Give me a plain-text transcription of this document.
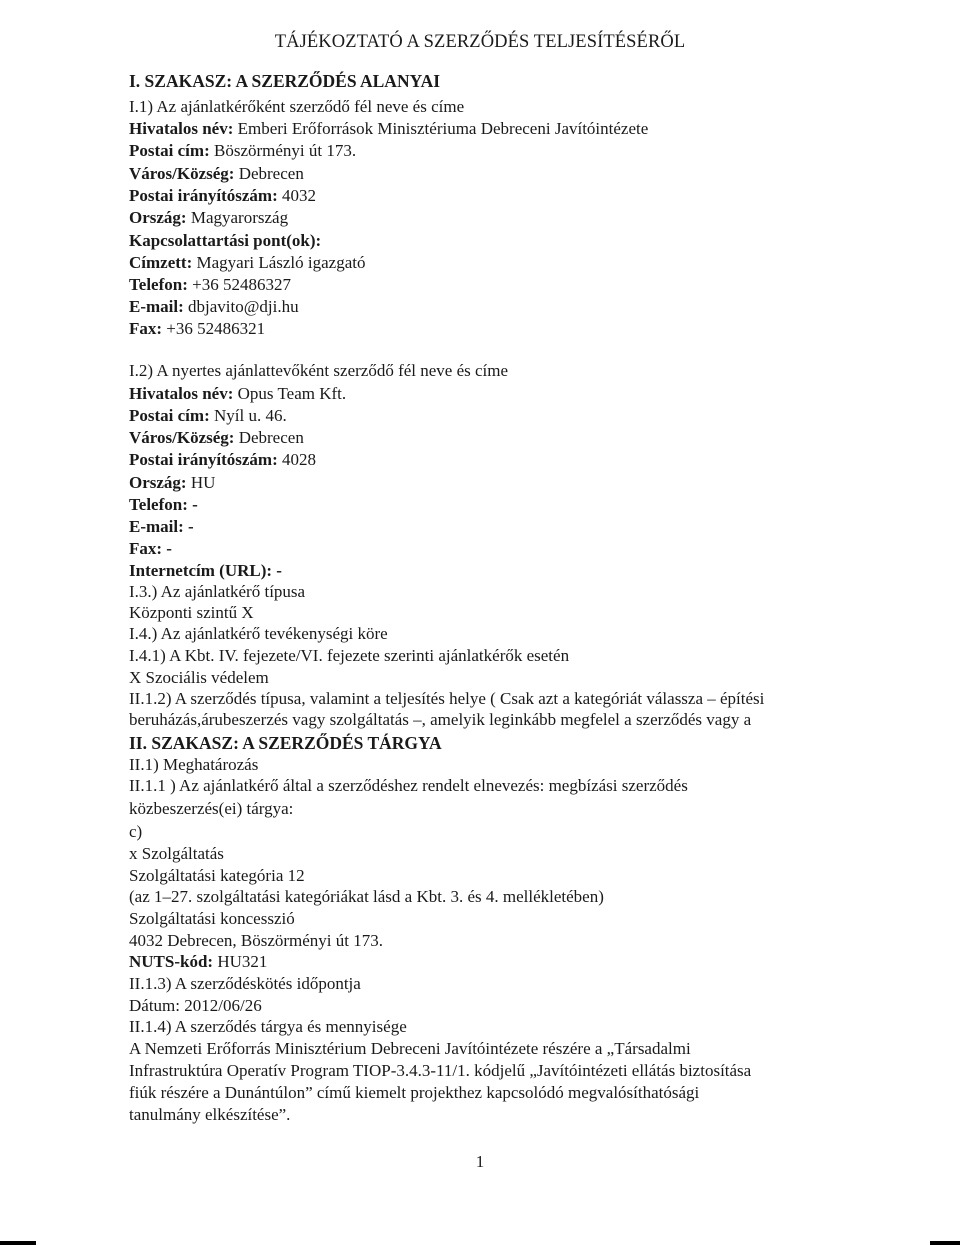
TÁJÉKOZTATÓ A SZERZŐDÉS TELJESÍTÉSÉRŐL
I. SZAKASZ: A SZERZŐDÉS ALANYAI
I.1) Az ajánlatkérőként szerződő fél neve és címe
Hivatalos név: Emberi Erőforrások Minisztériuma Debreceni Javítóintézete
Postai cím: Böszörményi út 173.
Város/Község: Debrecen
Postai irányítószám: 4032
Ország: Magyarország
Kapcsolattartási pont(ok):
Címzett: Magyari László igazgató
Telefon: +36 52486327
E-mail: dbjavito@dji.hu
Fax: +36 52486321
I.2) A nyertes ajánlattevőként szerződő fél neve és címe
Hivatalos név: Opus Team Kft.
Postai cím: Nyíl u. 46.
Város/Község: Debrecen
Postai irányítószám: 4028
Ország: HU
Telefon: -
E-mail: -
Fax: -
Internetcím (URL): -
I.3.) Az ajánlatkérő típusa
Központi szintű X
I.4.) Az ajánlatkérő tevékenységi köre
I.4.1) A Kbt. IV. fejezete/VI. fejezete szerinti ajánlatkérők esetén
X Szociális védelem
II.1.2) A szerződés típusa, valamint a teljesítés helye ( Csak azt a kategóriát válassza – építési
beruházás,árubeszerzés vagy szolgáltatás –, amelyik leginkább megfelel a szerződés vagy a
II. SZAKASZ: A SZERZŐDÉS TÁRGYA
II.1) Meghatározás
II.1.1 ) Az ajánlatkérő által a szerződéshez rendelt elnevezés: megbízási szerződés
közbeszerzés(ei) tárgya:
c)
x Szolgáltatás
Szolgáltatási kategória 12
(az 1–27. szolgáltatási kategóriákat lásd a Kbt. 3. és 4. mellékletében)
Szolgáltatási koncesszió
4032 Debrecen, Böszörményi út 173.
NUTS-kód: HU321
II.1.3) A szerződéskötés időpontja
Dátum: 2012/06/26
II.1.4) A szerződés tárgya és mennyisége
A Nemzeti Erőforrás Minisztérium Debreceni Javítóintézete részére a „Társadalmi
Infrastruktúra Operatív Program TIOP-3.4.3-11/1. kódjelű „Javítóintézeti ellátás biztosítása
fiúk részére a Dunántúlon” című kiemelt projekthez kapcsolódó megvalósíthatósági
tanulmány elkészítése”.
1
